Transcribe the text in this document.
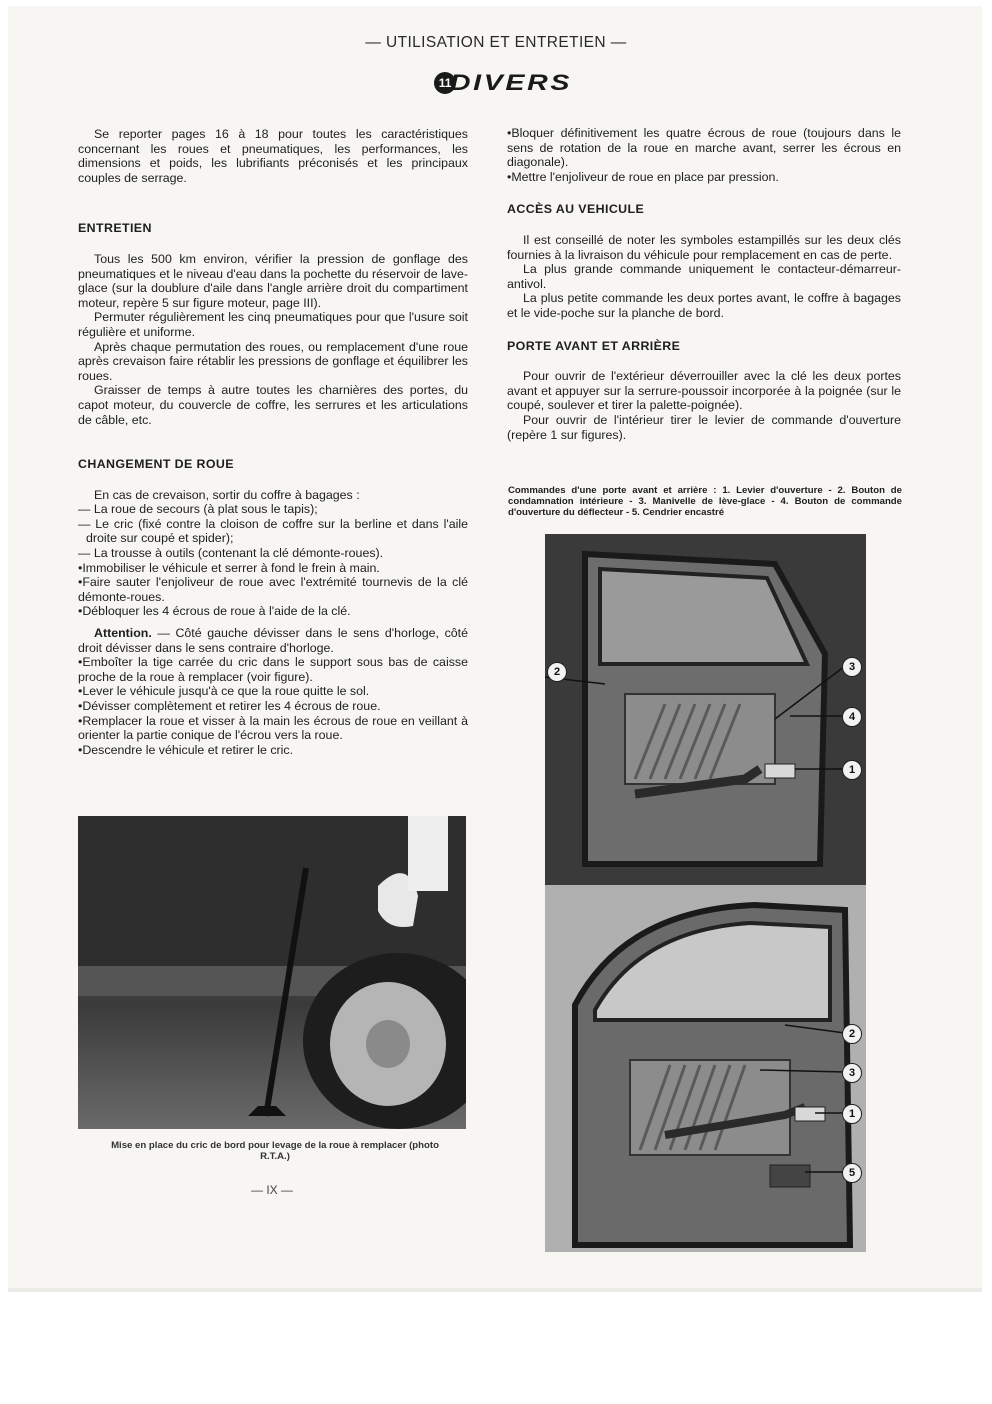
— UTILISATION ET ENTRETIEN —
11DIVERS

Se reporter pages 16 à 18 pour toutes les caractéristiques concernant les roues et pneumatiques, les performances, les dimensions et poids, les lubrifiants préconisés et les principaux couples de serrage.

ENTRETIEN

Tous les 500 km environ, vérifier la pression de gonflage des pneumatiques et le niveau d'eau dans la pochette du réservoir de lave-glace (sur la doublure d'aile dans l'angle arrière droit du compartiment moteur, repère 5 sur figure moteur, page III).

Permuter régulièrement les cinq pneumatiques pour que l'usure soit régulière et uniforme.

Après chaque permutation des roues, ou remplacement d'une roue après crevaison faire rétablir les pressions de gonflage et équilibrer les roues.

Graisser de temps à autre toutes les charnières des portes, du capot moteur, du couvercle de coffre, les serrures et les articulations de câble, etc.

CHANGEMENT DE ROUE

En cas de crevaison, sortir du coffre à bagages :

— La roue de secours (à plat sous le tapis);

— Le cric (fixé contre la cloison de coffre sur la berline et dans l'aile droite sur coupé et spider);

— La trousse à outils (contenant la clé démonte-roues).

• Immobiliser le véhicule et serrer à fond le frein à main.

• Faire sauter l'enjoliveur de roue avec l'extrémité tournevis de la clé démonte-roues.

• Débloquer les 4 écrous de roue à l'aide de la clé.

Attention. — Côté gauche dévisser dans le sens d'horloge, côté droit dévisser dans le sens contraire d'horloge.

• Emboîter la tige carrée du cric dans le support sous bas de caisse proche de la roue à remplacer (voir figure).

• Lever le véhicule jusqu'à ce que la roue quitte le sol.

• Dévisser complètement et retirer les 4 écrous de roue.

• Remplacer la roue et visser à la main les écrous de roue en veillant à orienter la partie conique de l'écrou vers la roue.

• Descendre le véhicule et retirer le cric.

Mise en place du cric de bord pour levage de la roue à remplacer (photo R.T.A.)
— IX —

• Bloquer définitivement les quatre écrous de roue (toujours dans le sens de rotation de la roue en marche avant, serrer les écrous en diagonale).

• Mettre l'enjoliveur de roue en place par pression.

ACCÈS AU VEHICULE

Il est conseillé de noter les symboles estampillés sur les deux clés fournies à la livraison du véhicule pour remplacement en cas de perte.

La plus grande commande uniquement le contacteur-démarreur-antivol.

La plus petite commande les deux portes avant, le coffre à bagages et le vide-poche sur la planche de bord.

PORTE AVANT ET ARRIÈRE

Pour ouvrir de l'extérieur déverrouiller avec la clé les deux portes avant et appuyer sur la serrure-poussoir incorporée à la poignée (sur le coupé, soulever et tirer la palette-poignée).

Pour ouvrir de l'intérieur tirer le levier de commande d'ouverture (repère 1 sur figures).

Commandes d'une porte avant et arrière : 1. Levier d'ouverture - 2. Bouton de condamnation intérieure - 3. Manivelle de lève-glace - 4. Bouton de commande d'ouverture du déflecteur - 5. Cendrier encastré
2	3
4
1
2
3
1
5
